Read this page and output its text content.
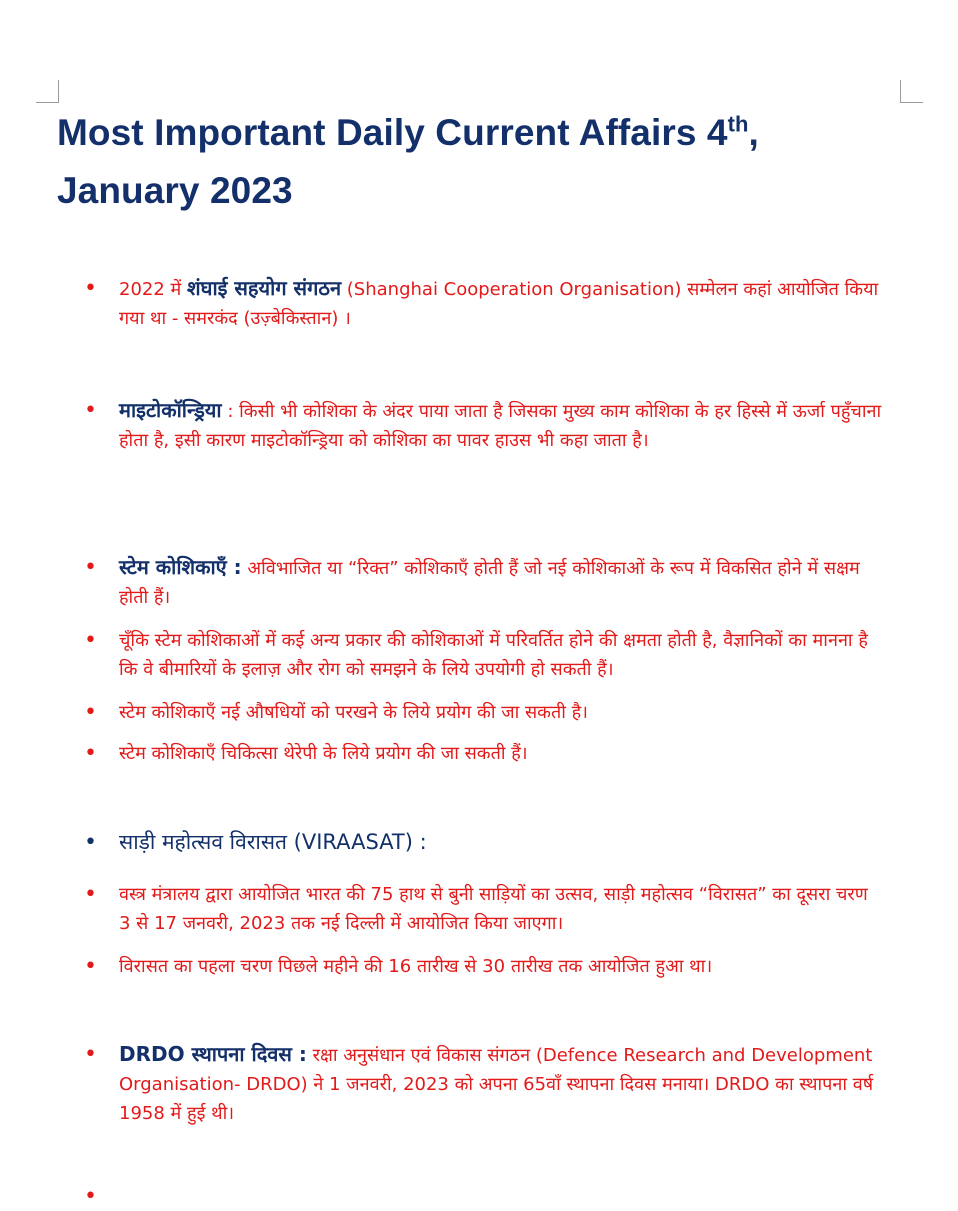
Most Important Daily Current Affairs 4th,
January 2023
• 2022 में शंघाई सहयोग संगठन (Shanghai Cooperation Organisation) सम्मेलन कहां आयोजित किया गया था - समरकंद (उज़्बेकिस्तान) ।
• माइटोकॉन्ड्रिया : किसी भी कोशिका के अंदर पाया जाता है जिसका मुख्य काम कोशिका के हर हिस्से में ऊर्जा पहुँचाना होता है, इसी कारण माइटोकॉन्ड्रिया को कोशिका का पावर हाउस भी कहा जाता है।
• स्टेम कोशिकाएँ : अविभाजित या “रिक्त” कोशिकाएँ होती हैं जो नई कोशिकाओं के रूप में विकसित होने में सक्षम होती हैं।
• चूँकि स्टेम कोशिकाओं में कई अन्य प्रकार की कोशिकाओं में परिवर्तित होने की क्षमता होती है, वैज्ञानिकों का मानना है कि वे बीमारियों के इलाज़ और रोग को समझने के लिये उपयोगी हो सकती हैं।
• स्टेम कोशिकाएँ नई औषधियों को परखने के लिये प्रयोग की जा सकती है।
• स्टेम कोशिकाएँ चिकित्सा थेरेपी के लिये प्रयोग की जा सकती हैं।
• साड़ी महोत्सव विरासत (VIRAASAT) :
• वस्त्र मंत्रालय द्वारा आयोजित भारत की 75 हाथ से बुनी साड़ियों का उत्सव, साड़ी महोत्सव “विरासत” का दूसरा चरण 3 से 17 जनवरी, 2023 तक नई दिल्ली में आयोजित किया जाएगा।
• विरासत का पहला चरण पिछले महीने की 16 तारीख से 30 तारीख तक आयोजित हुआ था।
• DRDO स्थापना दिवस : रक्षा अनुसंधान एवं विकास संगठन (Defence Research and Development Organisation- DRDO) ने 1 जनवरी, 2023 को अपना 65वाँ स्थापना दिवस मनाया। DRDO का स्थापना वर्ष 1958 में हुई थी।
•
